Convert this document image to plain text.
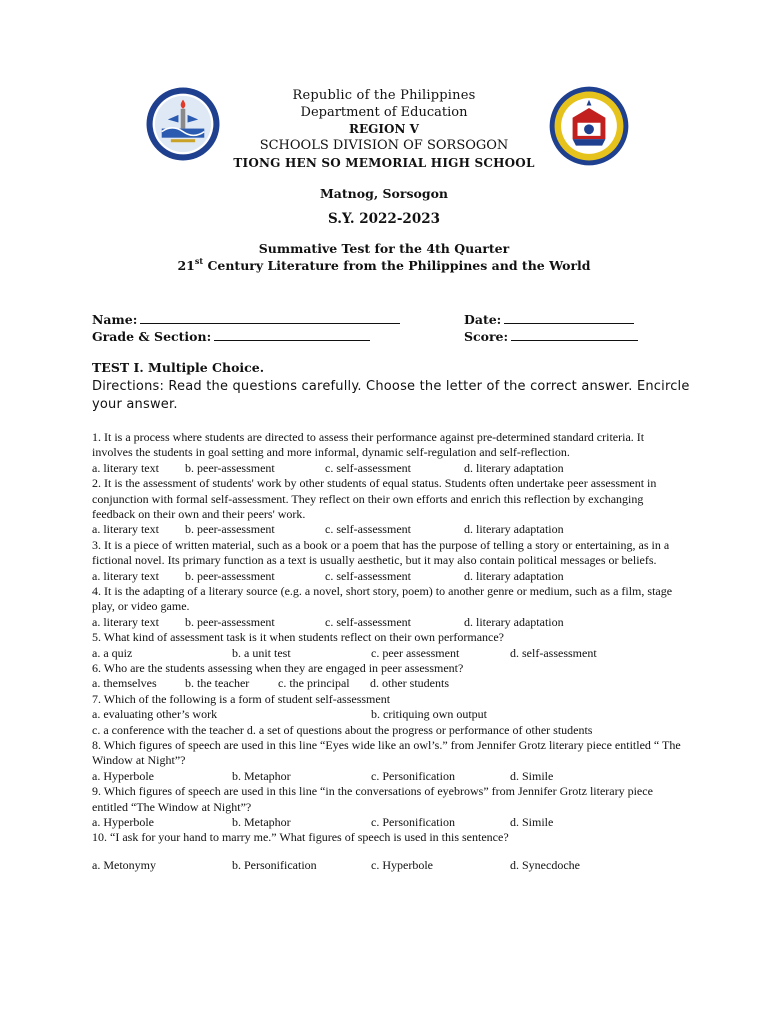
Republic of the Philippines
Department of Education
REGION V
SCHOOLS DIVISION OF SORSOGON
TIONG HEN SO MEMORIAL HIGH SCHOOL
Matnog, Sorsogon
S.Y. 2022-2023
Summative Test for the 4th Quarter
21st Century Literature from the Philippines and the World
Name:	Date:
Grade & Section:	Score:
TEST I. Multiple Choice.
Directions: Read the questions carefully. Choose the letter of the correct answer. Encircle your answer.

1. It is a process where students are directed to assess their performance against pre-determined standard criteria. It involves the students in goal setting and more informal, dynamic self-regulation and self-reflection.

a. literary text b. peer-assessment	c. self-assessment	d. literary adaptation

2. It is the assessment of students' work by other students of equal status. Students often undertake peer assessment in conjunction with formal self-assessment. They reflect on their own efforts and enrich this reflection by exchanging feedback on their own and their peers' work.

a. literary text b. peer-assessment	c. self-assessment	d. literary adaptation

3. It is a piece of written material, such as a book or a poem that has the purpose of telling a story or entertaining, as in a fictional novel. Its primary function as a text is usually aesthetic, but it may also contain political messages or beliefs.

a. literary text b. peer-assessment	c. self-assessment	d. literary adaptation

4. It is the adapting of a literary source (e.g. a novel, short story, poem) to another genre or medium, such as a film, stage play, or video game.

a. literary text b. peer-assessment	c. self-assessment	d. literary adaptation

5. What kind of assessment task is it when students reflect on their own performance?

a. a quiz	b. a unit test	c. peer assessment	d. self-assessment

6. Who are the students assessing when they are engaged in peer assessment?

a. themselves b. the teacher c. the principal d. other students

7. Which of the following is a form of student self-assessment

a. evaluating other’s work	b. critiquing own output

c. a conference with the teacher d. a set of questions about the progress or performance of other students

8. Which figures of speech are used in this line “Eyes wide like an owl’s.” from Jennifer Grotz literary piece entitled “ The Window at Night”?

a. Hyperbole	b. Metaphor	c. Personification	d. Simile

9. Which figures of speech are used in this line “in the conversations of eyebrows” from Jennifer Grotz literary piece entitled “The Window at Night”?

a. Hyperbole	b. Metaphor	c. Personification	d. Simile

10. “I ask for your hand to marry me.” What figures of speech is used in this sentence?

a. Metonymy	b. Personification	c. Hyperbole	d. Synecdoche
